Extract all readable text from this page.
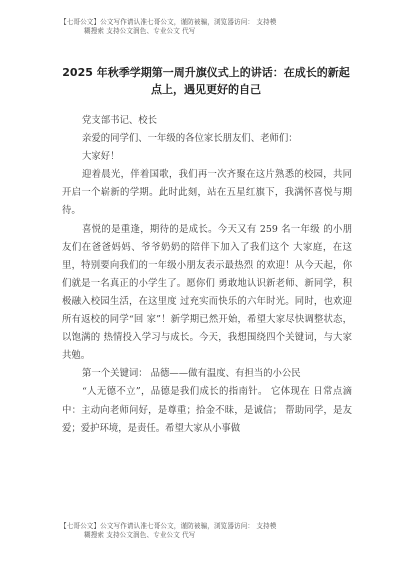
【七哥公文】公文写作请认准七哥公文，谨防被骗，浏览器访问： 支持模
糊搜索 支持公文润色、专业公文 代写
2025 年秋季学期第一周升旗仪式上的讲话：在成长的新起
点上，遇见更好的自己

党支部书记、校长

亲爱的同学们、一年级的各位家长朋友们、老师们：

大家好！

迎着晨光，伴着国歌，我们再一次齐聚在这片熟悉的校园，共同开启一个崭新的学期。此时此刻，站在五星红旗下，我满怀喜悦与期待。

喜悦的是重逢，期待的是成长。今天又有 259 名一年级 的小朋友们在爸爸妈妈、爷爷奶奶的陪伴下加入了我们这个 大家庭，在这里，特别要向我们的一年级小朋友表示最热烈 的欢迎！从今天起，你们就是一名真正的小学生了。愿你们 勇敢地认识新老师、新同学，积极融入校园生活，在这里度 过充实而快乐的六年时光。同时，也欢迎所有返校的同学“回 家”！新学期已然开始，希望大家尽快调整状态， 以饱满的 热情投入学习与成长。今天，我想围绕四个关键词，与大家 共勉。

第一个关键词： 品德——做有温度、有担当的小公民

“人无德不立”，品德是我们成长的指南针。 它体现在 日常点滴中：主动向老师问好，是尊重；拾金不昧，是诚信； 帮助同学，是友爱；爱护环境，是责任。希望大家从小事做

【七哥公文】公文写作请认准七哥公文，谨防被骗，浏览器访问： 支持模
糊搜索 支持公文润色、专业公文 代写
